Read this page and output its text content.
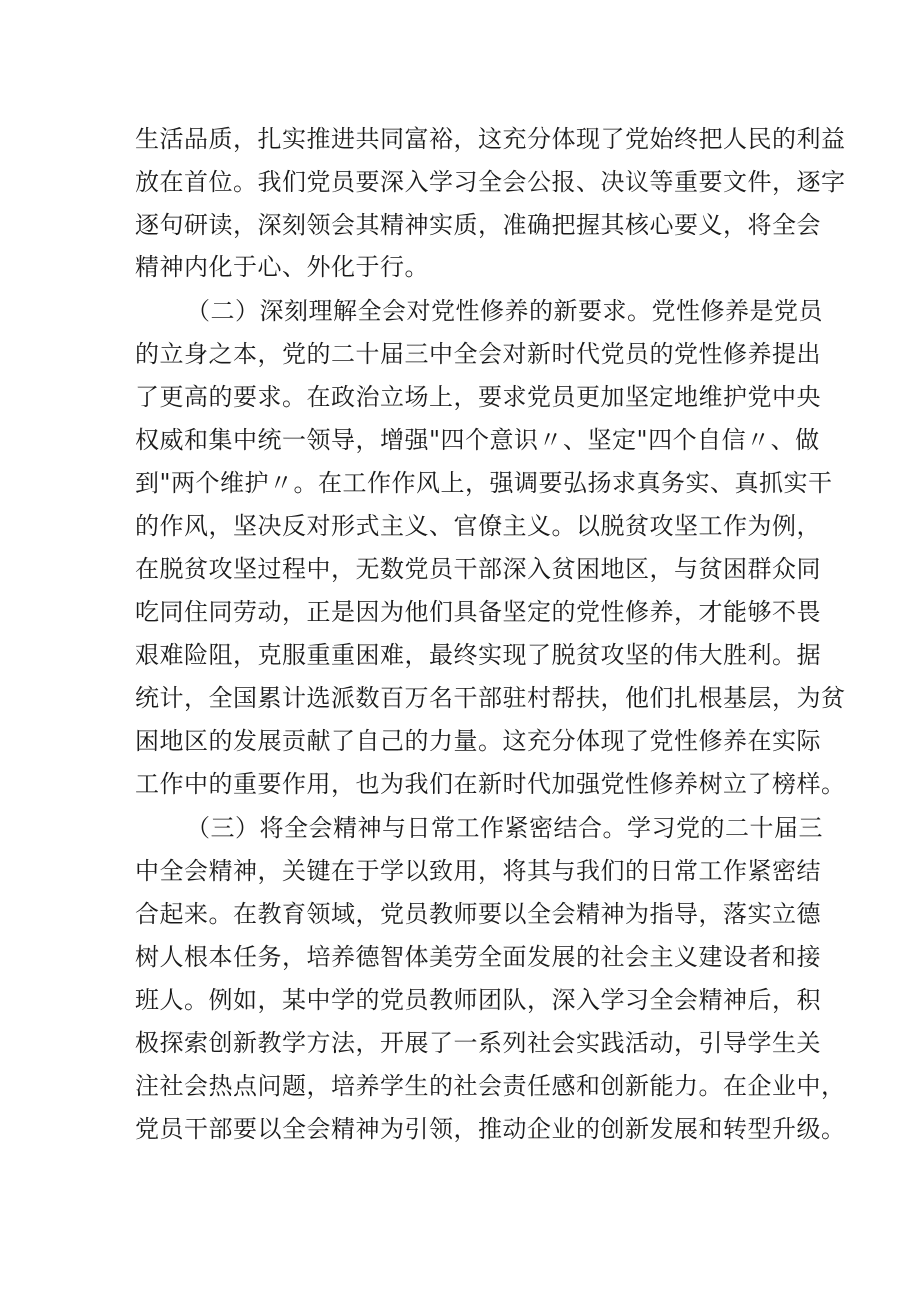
生活品质，扎实推进共同富裕，这充分体现了党始终把人民的利益

放在首位。我们党员要深入学习全会公报、决议等重要文件，逐字

逐句研读，深刻领会其精神实质，准确把握其核心要义，将全会

精神内化于心、外化于行。

（二）深刻理解全会对党性修养的新要求。党性修养是党员

的立身之本，党的二十届三中全会对新时代党员的党性修养提出

了更高的要求。在政治立场上，要求党员更加坚定地维护党中央

权威和集中统一领导，增强"四个意识〃、坚定"四个自信〃、做

到"两个维护〃。在工作作风上，强调要弘扬求真务实、真抓实干

的作风，坚决反对形式主义、官僚主义。以脱贫攻坚工作为例，

在脱贫攻坚过程中，无数党员干部深入贫困地区，与贫困群众同

吃同住同劳动，正是因为他们具备坚定的党性修养，才能够不畏

艰难险阻，克服重重困难，最终实现了脱贫攻坚的伟大胜利。据

统计，全国累计选派数百万名干部驻村帮扶，他们扎根基层，为贫

困地区的发展贡献了自己的力量。这充分体现了党性修养在实际

工作中的重要作用，也为我们在新时代加强党性修养树立了榜样。

（三）将全会精神与日常工作紧密结合。学习党的二十届三

中全会精神，关键在于学以致用，将其与我们的日常工作紧密结

合起来。在教育领域，党员教师要以全会精神为指导，落实立德

树人根本任务，培养德智体美劳全面发展的社会主义建设者和接

班人。例如，某中学的党员教师团队，深入学习全会精神后，积

极探索创新教学方法，开展了一系列社会实践活动，引导学生关

注社会热点问题，培养学生的社会责任感和创新能力。在企业中，

党员干部要以全会精神为引领，推动企业的创新发展和转型升级。
